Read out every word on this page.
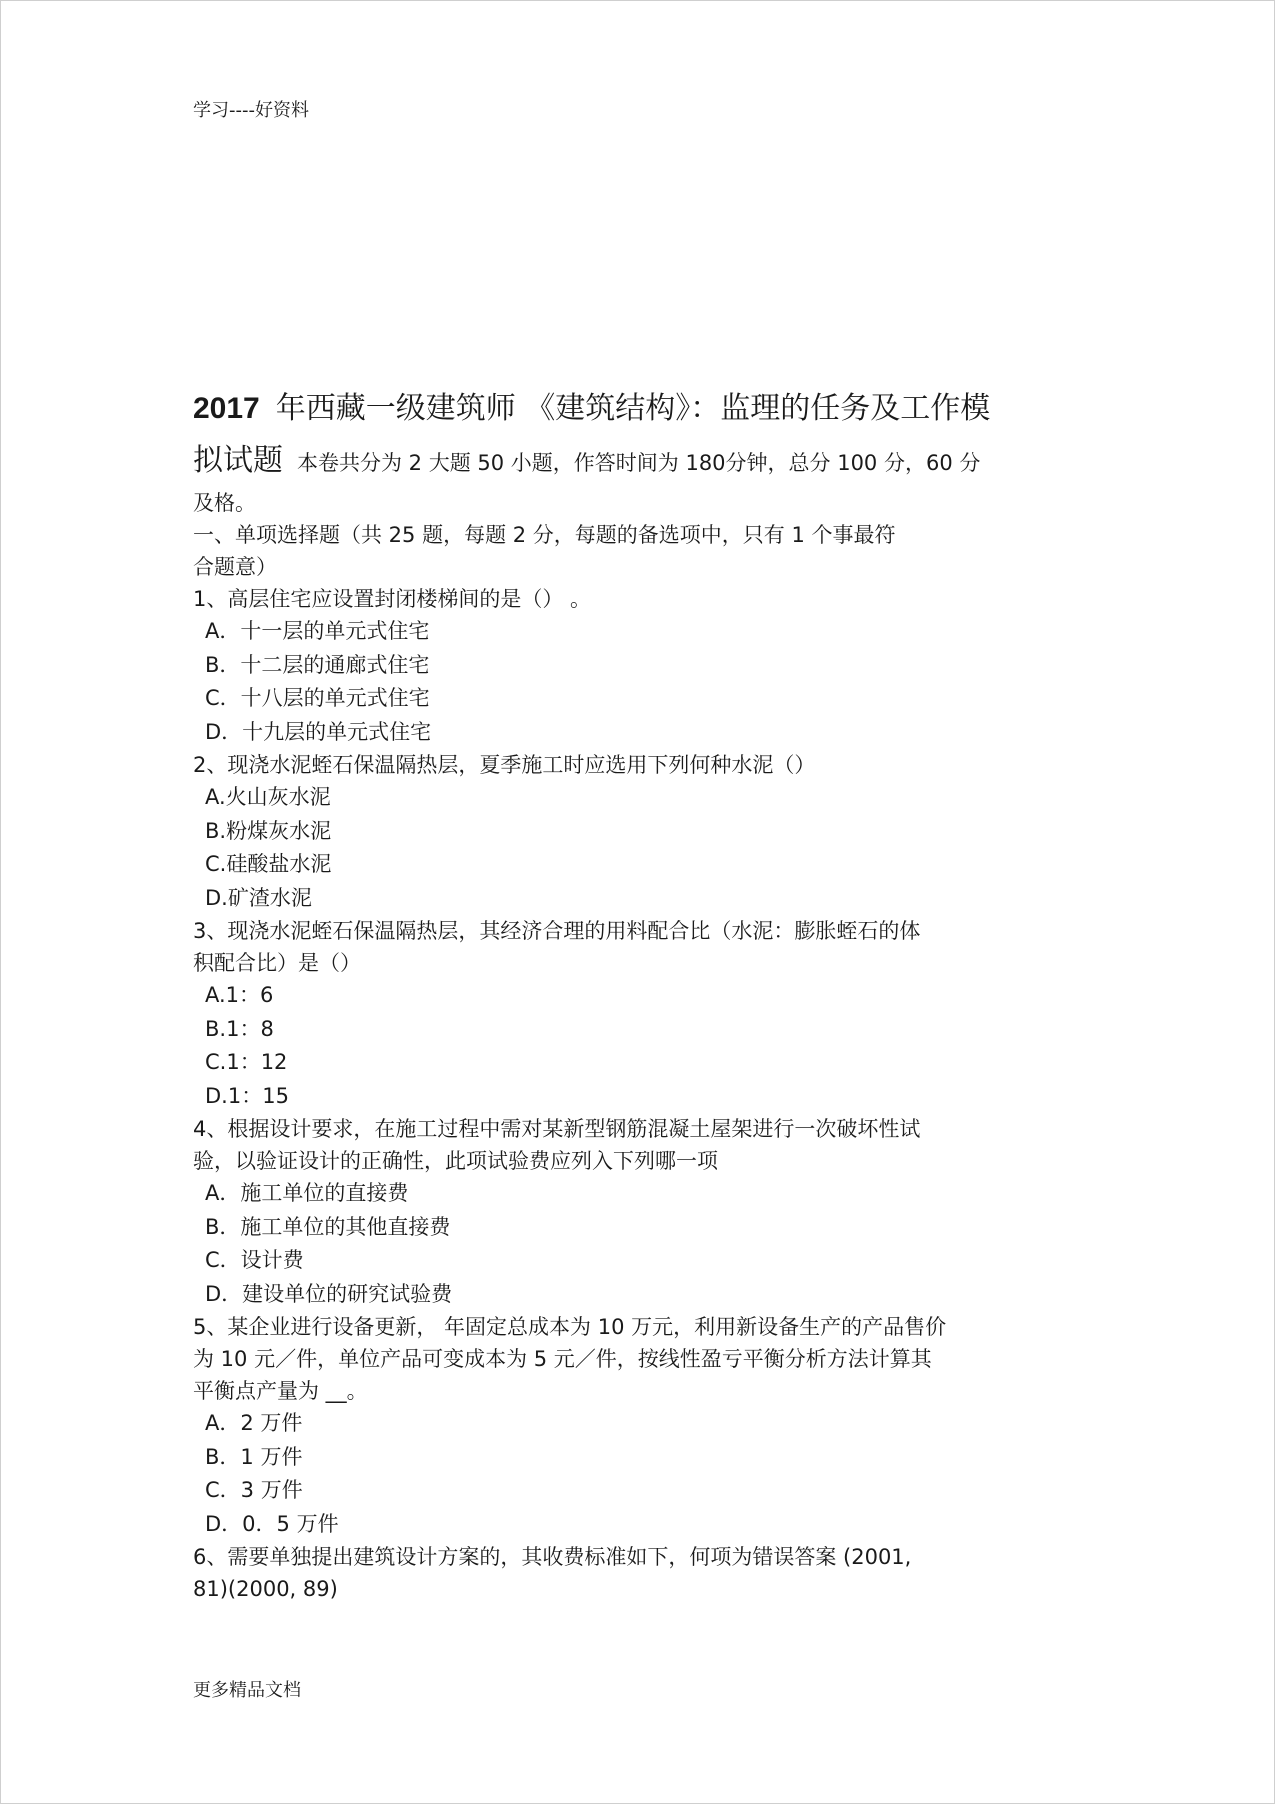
学习----好资料
2017 年西藏一级建筑师 《建筑结构》：监理的任务及工作模
拟试题 本卷共分为 2 大题 50 小题，作答时间为 180分钟，总分 100 分，60 分
及格。
一、单项选择题（共 25 题，每题 2 分，每题的备选项中，只有 1 个事最符
合题意）
1、高层住宅应设置封闭楼梯间的是（） 。
A．十一层的单元式住宅
B．十二层的通廊式住宅
C．十八层的单元式住宅
D．十九层的单元式住宅
2、现浇水泥蛭石保温隔热层，夏季施工时应选用下列何种水泥（）
A.火山灰水泥
B.粉煤灰水泥
C.硅酸盐水泥
D.矿渣水泥
3、现浇水泥蛭石保温隔热层，其经济合理的用料配合比（水泥：膨胀蛭石的体
积配合比）是（）
A.1：6
B.1：8
C.1：12
D.1：15
4、根据设计要求，在施工过程中需对某新型钢筋混凝土屋架进行一次破坏性试
验，以验证设计的正确性，此项试验费应列入下列哪一项
A．施工单位的直接费
B．施工单位的其他直接费
C．设计费
D．建设单位的研究试验费
5、某企业进行设备更新， 年固定总成本为 10 万元，利用新设备生产的产品售价
为 10 元／件，单位产品可变成本为 5 元／件，按线性盈亏平衡分析方法计算其
平衡点产量为 __。
A．2 万件
B．1 万件
C．3 万件
D．0．5 万件
6、需要单独提出建筑设计方案的，其收费标准如下，何项为错误答案 (2001,
81)(2000, 89)
更多精品文档
